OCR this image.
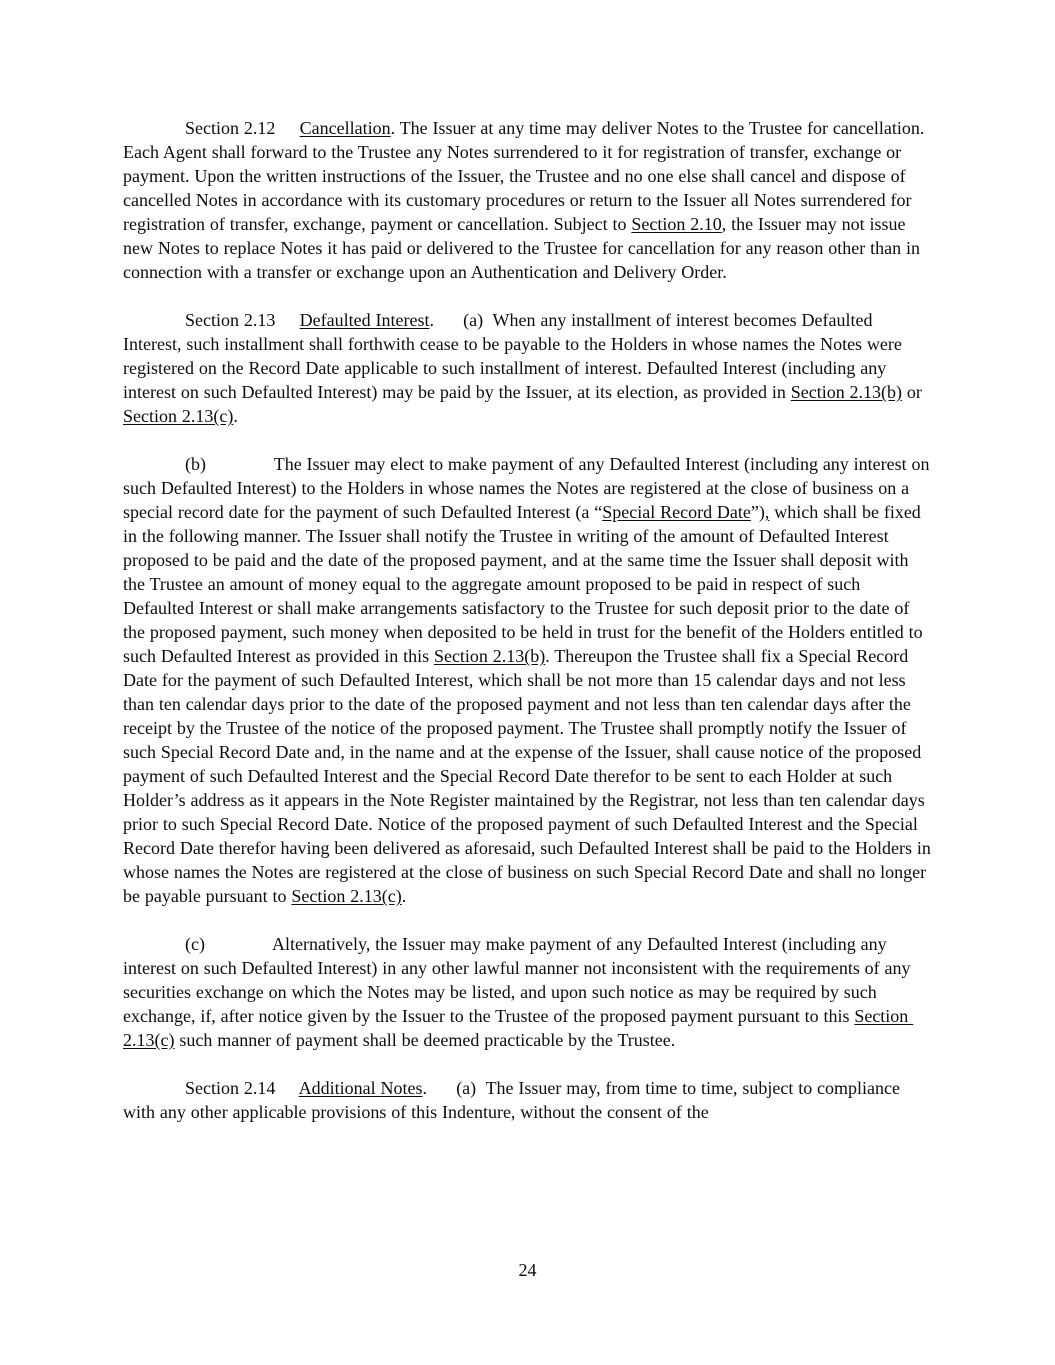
Section 2.12     Cancellation. The Issuer at any time may deliver Notes to the Trustee for cancellation. Each Agent shall forward to the Trustee any Notes surrendered to it for registration of transfer, exchange or payment. Upon the written instructions of the Issuer, the Trustee and no one else shall cancel and dispose of cancelled Notes in accordance with its customary procedures or return to the Issuer all Notes surrendered for registration of transfer, exchange, payment or cancellation. Subject to Section 2.10, the Issuer may not issue new Notes to replace Notes it has paid or delivered to the Trustee for cancellation for any reason other than in connection with a transfer or exchange upon an Authentication and Delivery Order.

Section 2.13     Defaulted Interest.      (a)  When any installment of interest becomes Defaulted Interest, such installment shall forthwith cease to be payable to the Holders in whose names the Notes were registered on the Record Date applicable to such installment of interest. Defaulted Interest (including any interest on such Defaulted Interest) may be paid by the Issuer, at its election, as provided in Section 2.13(b) or Section 2.13(c).

(b)              The Issuer may elect to make payment of any Defaulted Interest (including any interest on such Defaulted Interest) to the Holders in whose names the Notes are registered at the close of business on a special record date for the payment of such Defaulted Interest (a “Special Record Date”), which shall be fixed in the following manner. The Issuer shall notify the Trustee in writing of the amount of Defaulted Interest proposed to be paid and the date of the proposed payment, and at the same time the Issuer shall deposit with the Trustee an amount of money equal to the aggregate amount proposed to be paid in respect of such Defaulted Interest or shall make arrangements satisfactory to the Trustee for such deposit prior to the date of the proposed payment, such money when deposited to be held in trust for the benefit of the Holders entitled to such Defaulted Interest as provided in this Section 2.13(b). Thereupon the Trustee shall fix a Special Record Date for the payment of such Defaulted Interest, which shall be not more than 15 calendar days and not less than ten calendar days prior to the date of the proposed payment and not less than ten calendar days after the receipt by the Trustee of the notice of the proposed payment. The Trustee shall promptly notify the Issuer of such Special Record Date and, in the name and at the expense of the Issuer, shall cause notice of the proposed payment of such Defaulted Interest and the Special Record Date therefor to be sent to each Holder at such Holder’s address as it appears in the Note Register maintained by the Registrar, not less than ten calendar days prior to such Special Record Date. Notice of the proposed payment of such Defaulted Interest and the Special Record Date therefor having been delivered as aforesaid, such Defaulted Interest shall be paid to the Holders in whose names the Notes are registered at the close of business on such Special Record Date and shall no longer be payable pursuant to Section 2.13(c).

(c)              Alternatively, the Issuer may make payment of any Defaulted Interest (including any interest on such Defaulted Interest) in any other lawful manner not inconsistent with the requirements of any securities exchange on which the Notes may be listed, and upon such notice as may be required by such exchange, if, after notice given by the Issuer to the Trustee of the proposed payment pursuant to this Section 2.13(c) such manner of payment shall be deemed practicable by the Trustee.

Section 2.14     Additional Notes.      (a)  The Issuer may, from time to time, subject to compliance with any other applicable provisions of this Indenture, without the consent of the

24
